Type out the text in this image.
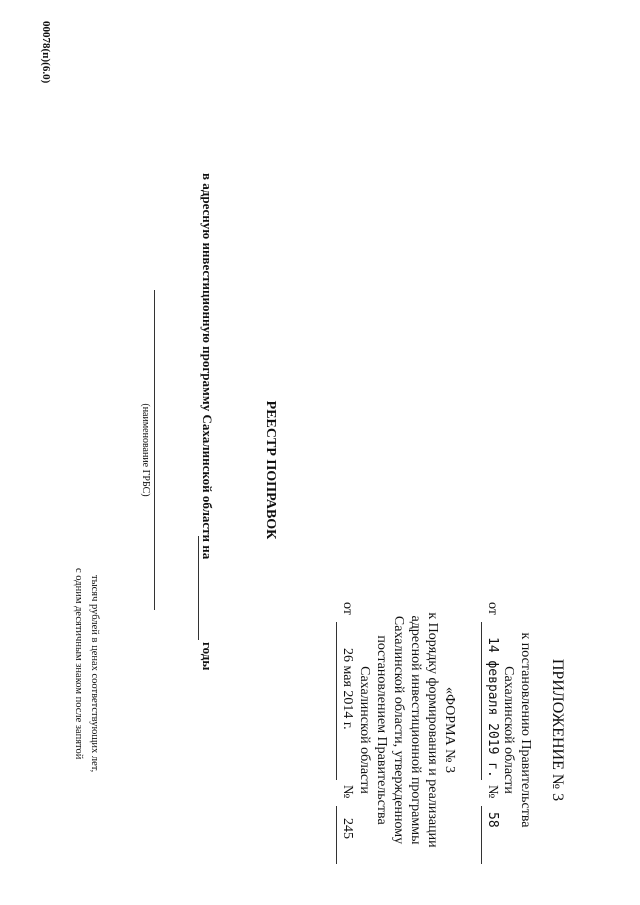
ПРИЛОЖЕНИЕ № 3
к постановлению Правительства
Сахалинской области
от
14 февраля 2019 г.
№
58
«ФОРМА № 3
к Порядку формирования и реализации
адресной инвестиционной программы
Сахалинской области, утвержденному
постановлением Правительства
Сахалинской области
от
26 мая 2014 г.
№
245
РЕЕСТР ПОПРАВОК
в адресную инвестиционную программу Сахалинской области на
годы
(наименование ГРБС)
тысяч рублей в ценах соответствующих лет,
с одним десятичным знаком после запятой
00078(п)(6.0)
